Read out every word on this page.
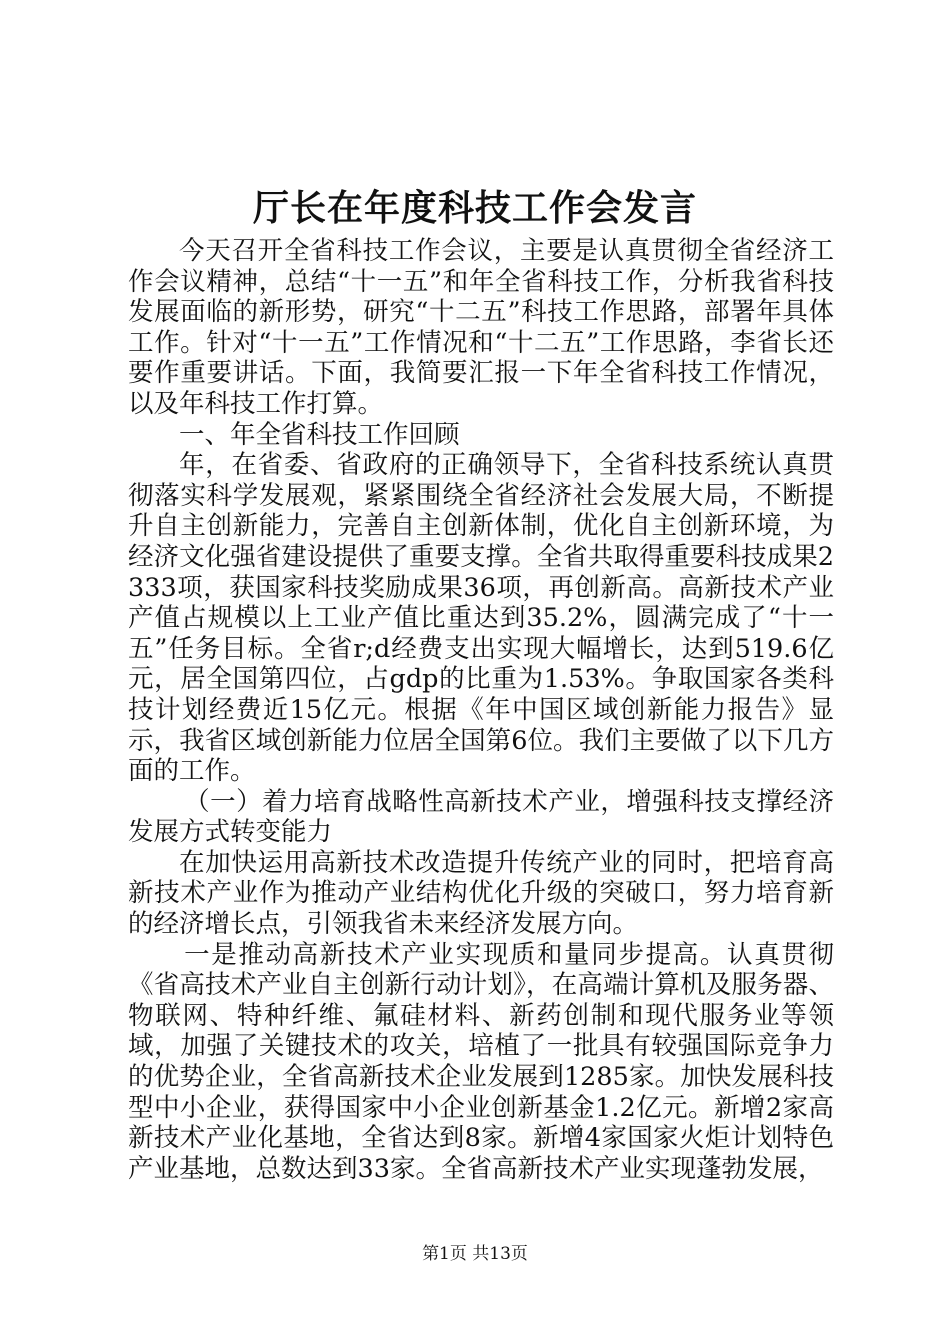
厅长在年度科技工作会发言

今天召开全省科技工作会议，主要是认真贯彻全省经济工作会议精神，总结“十一五”和年全省科技工作，分析我省科技发展面临的新形势，研究“十二五”科技工作思路，部署年具体工作。针对“十一五”工作情况和“十二五”工作思路，李省长还要作重要讲话。下面，我简要汇报一下年全省科技工作情况，以及年科技工作打算。

一、年全省科技工作回顾

年，在省委、省政府的正确领导下，全省科技系统认真贯彻落实科学发展观，紧紧围绕全省经济社会发展大局，不断提升自主创新能力，完善自主创新体制，优化自主创新环境，为经济文化强省建设提供了重要支撑。全省共取得重要科技成果2333项，获国家科技奖励成果36项，再创新高。高新技术产业产值占规模以上工业产值比重达到35.2%，圆满完成了“十一五”任务目标。全省r;d经费支出实现大幅增长，达到519.6亿元，居全国第四位，占gdp的比重为1.53%。争取国家各类科技计划经费近15亿元。根据《年中国区域创新能力报告》显示，我省区域创新能力位居全国第6位。我们主要做了以下几方面的工作。

（一）着力培育战略性高新技术产业，增强科技支撑经济发展方式转变能力

在加快运用高新技术改造提升传统产业的同时，把培育高新技术产业作为推动产业结构优化升级的突破口，努力培育新的经济增长点，引领我省未来经济发展方向。

一是推动高新技术产业实现质和量同步提高。认真贯彻《省高技术产业自主创新行动计划》，在高端计算机及服务器、物联网、特种纤维、氟硅材料、新药创制和现代服务业等领域，加强了关键技术的攻关，培植了一批具有较强国际竞争力的优势企业，全省高新技术企业发展到1285家。加快发展科技型中小企业，获得国家中小企业创新基金1.2亿元。新增2家高新技术产业化基地，全省达到8家。新增4家国家火炬计划特色产业基地，总数达到33家。全省高新技术产业实现蓬勃发展，

第1页 共13页
